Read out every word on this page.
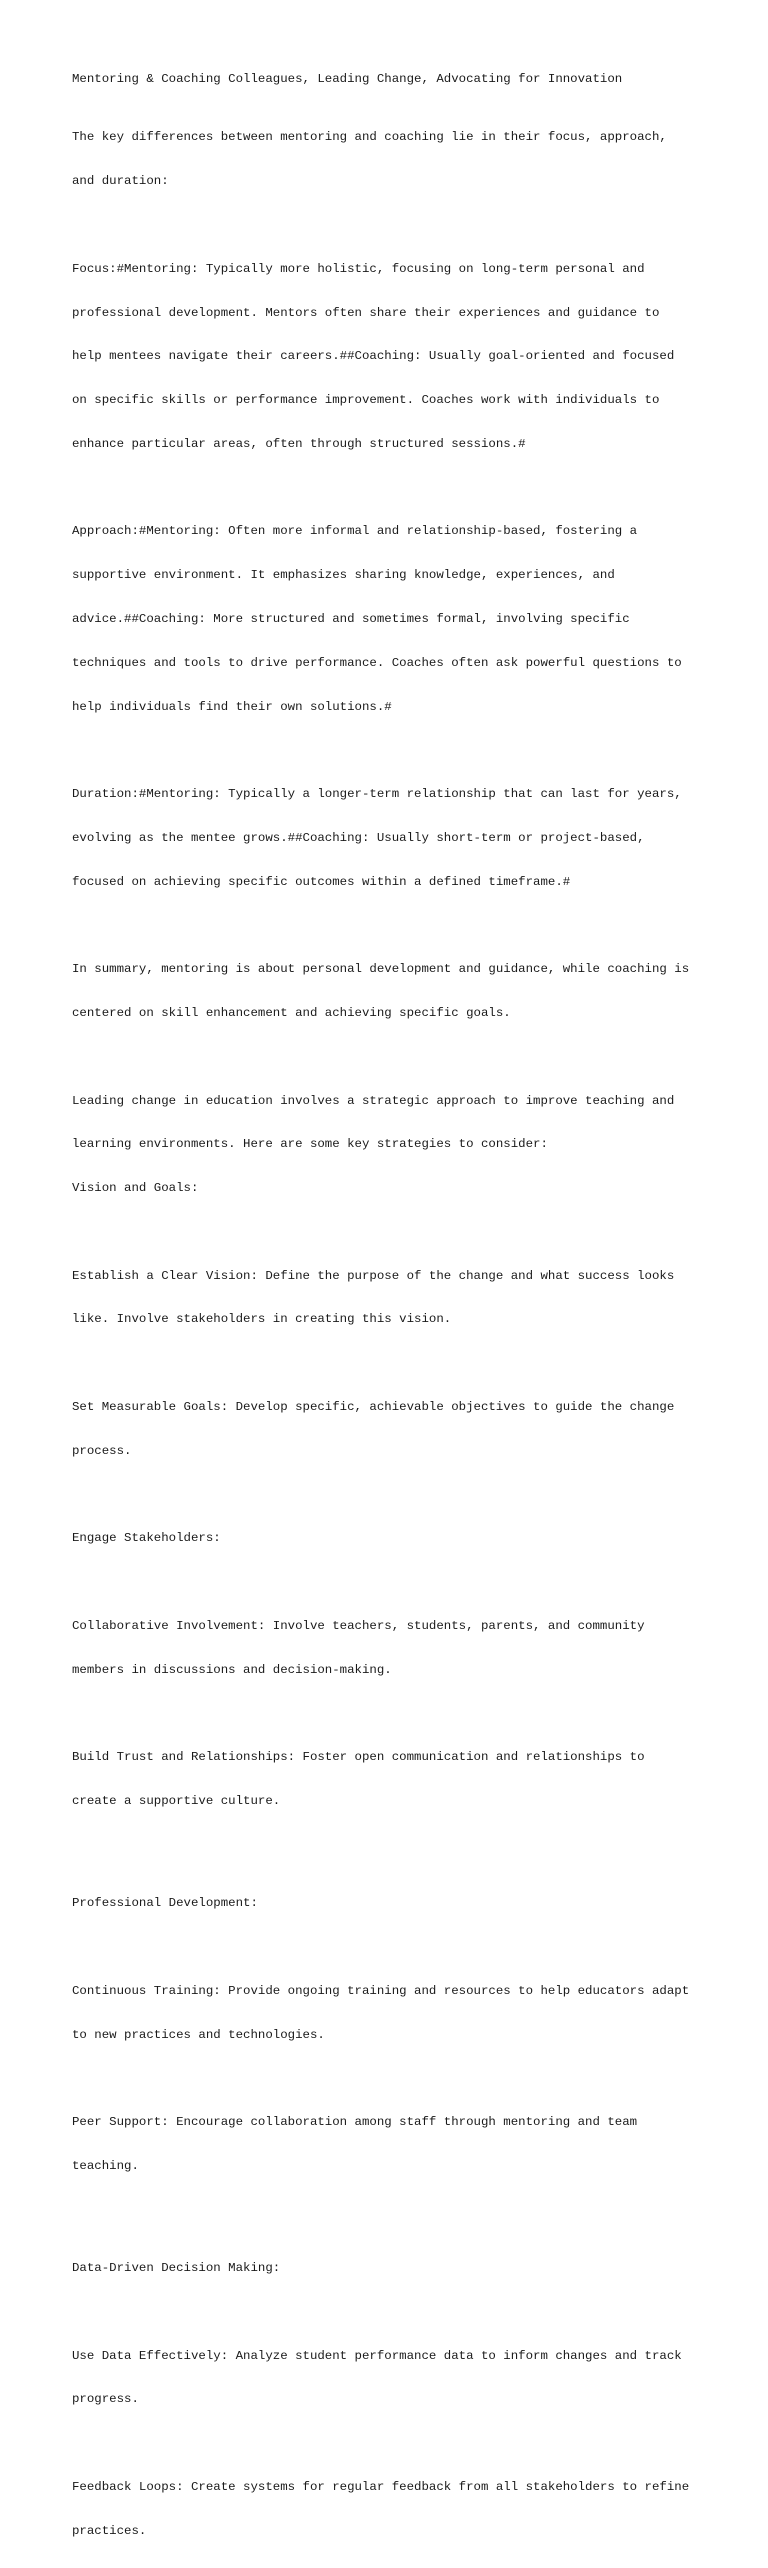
Mentoring & Coaching Colleagues, Leading Change, Advocating for Innovation

The key differences between mentoring and coaching lie in their focus, approach,

and duration:

Focus:#Mentoring: Typically more holistic, focusing on long-term personal and

professional development. Mentors often share their experiences and guidance to

help mentees navigate their careers.##Coaching: Usually goal-oriented and focused

on specific skills or performance improvement. Coaches work with individuals to

enhance particular areas, often through structured sessions.#

Approach:#Mentoring: Often more informal and relationship-based, fostering a

supportive environment. It emphasizes sharing knowledge, experiences, and

advice.##Coaching: More structured and sometimes formal, involving specific

techniques and tools to drive performance. Coaches often ask powerful questions to

help individuals find their own solutions.#

Duration:#Mentoring: Typically a longer-term relationship that can last for years,

evolving as the mentee grows.##Coaching: Usually short-term or project-based,

focused on achieving specific outcomes within a defined timeframe.#

In summary, mentoring is about personal development and guidance, while coaching is

centered on skill enhancement and achieving specific goals.

Leading change in education involves a strategic approach to improve teaching and

learning environments. Here are some key strategies to consider:

Vision and Goals:

Establish a Clear Vision: Define the purpose of the change and what success looks

like. Involve stakeholders in creating this vision.

Set Measurable Goals: Develop specific, achievable objectives to guide the change

process.

Engage Stakeholders:

Collaborative Involvement: Involve teachers, students, parents, and community

members in discussions and decision-making.

Build Trust and Relationships: Foster open communication and relationships to

create a supportive culture.

Professional Development:

Continuous Training: Provide ongoing training and resources to help educators adapt

to new practices and technologies.

Peer Support: Encourage collaboration among staff through mentoring and team

teaching.

Data-Driven Decision Making:

Use Data Effectively: Analyze student performance data to inform changes and track

progress.

Feedback Loops: Create systems for regular feedback from all stakeholders to refine

practices.
